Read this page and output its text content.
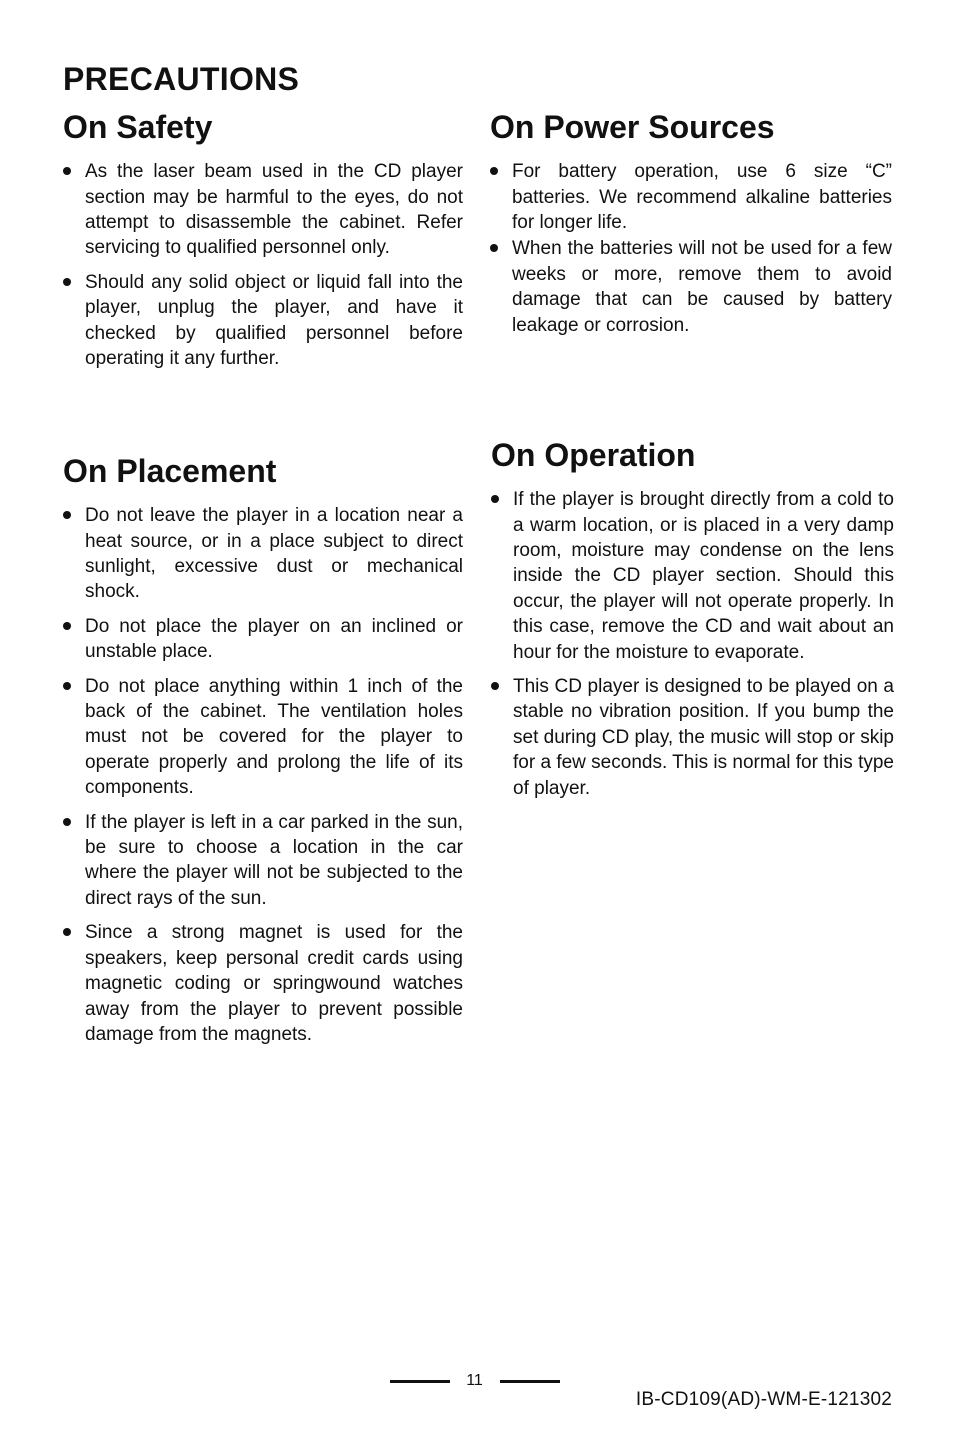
PRECAUTIONS
On Safety
As the laser beam used in the CD player section may be harmful to the eyes, do not attempt to disassemble the cabinet. Refer servicing to qualified personnel only.
Should any solid object or liquid fall into the player, unplug the player, and have it checked by qualified personnel before operating it any further.
On Placement
Do not leave the player in a location near a heat source, or in a place subject to direct sunlight, excessive dust or mechanical shock.
Do not place the player on an inclined or unstable place.
Do not place anything within 1 inch of the back of the cabinet. The ventilation holes must not be covered for the player to operate properly and prolong the life of its components.
If the player is left in a car parked in the sun, be sure to choose a location in the car where the player will not be subjected to the direct rays of the sun.
Since a strong magnet is used for the speakers, keep personal credit cards using magnetic coding or springwound watches away from the player to prevent possible damage from the magnets.
On Power Sources
For battery operation, use 6 size “C” batteries. We recommend alkaline batteries for longer life.
When the batteries will not be used for a few weeks or more, remove them to avoid damage that can be caused by battery leakage or corrosion.
On Operation
If the player is brought directly from a cold to a warm location, or is placed in a very damp room, moisture may condense on the lens inside the CD player section. Should this occur, the player will not operate properly. In this case, remove the CD and wait about an hour for the moisture to evaporate.
This CD player is designed to be played on a stable no vibration position. If you bump the set during CD play, the music will stop or skip for a few seconds. This is normal for this type of player.
11
IB-CD109(AD)-WM-E-121302
